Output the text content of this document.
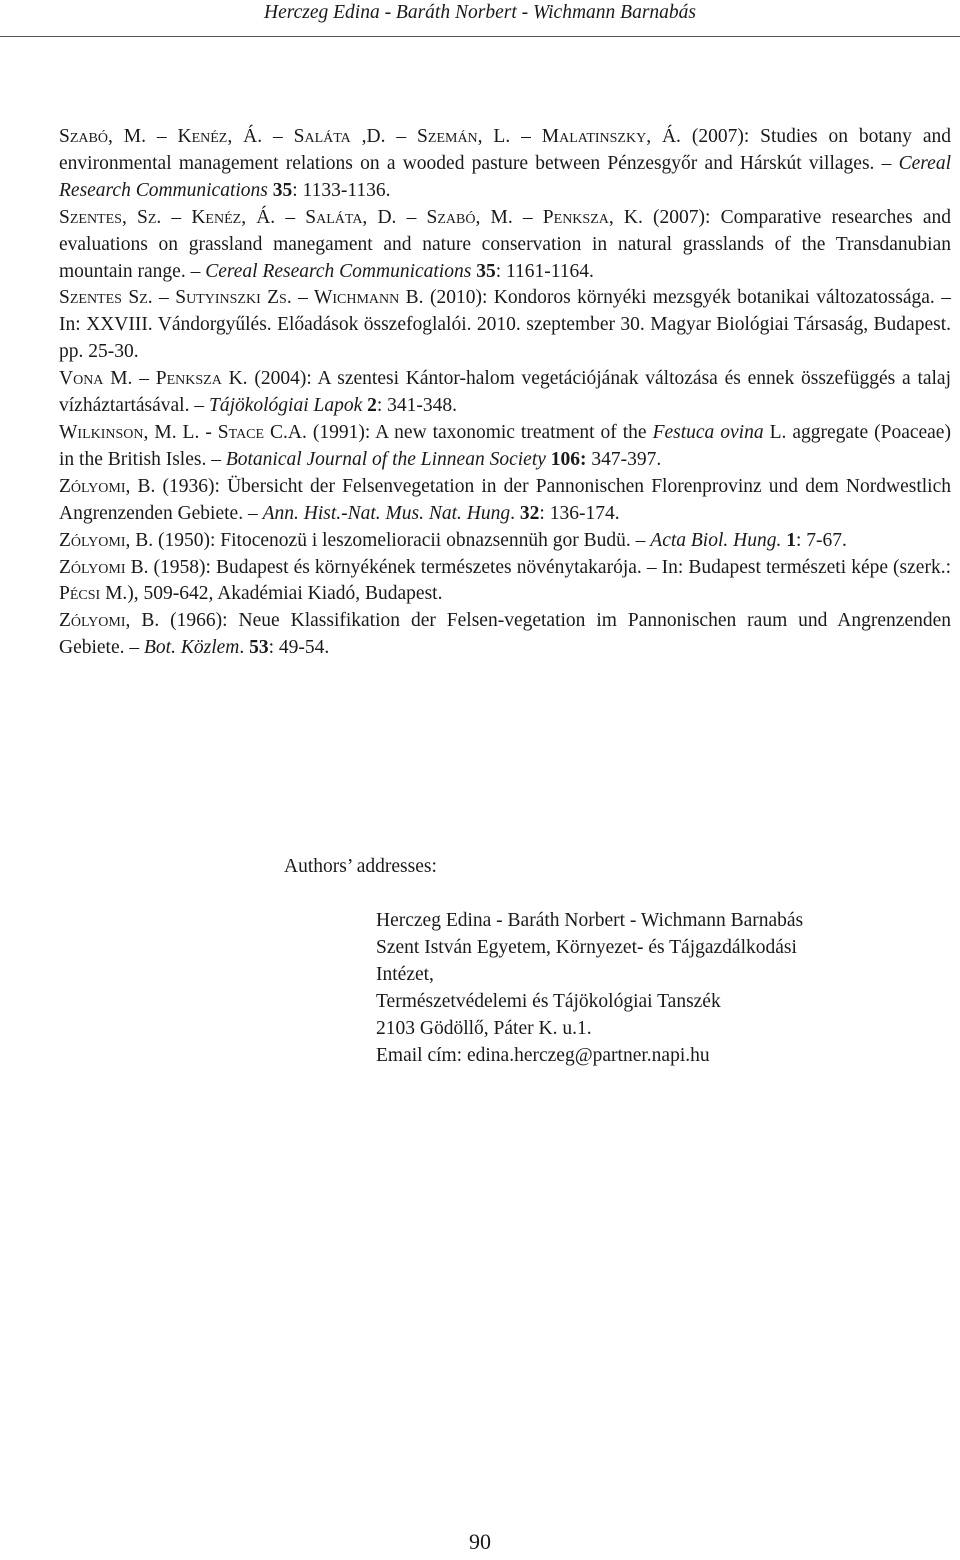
Herczeg Edina - Baráth Norbert - Wichmann Barnabás

Szabó, M. – Kenéz, Á. – Saláta ,D. – Szemán, L. – Malatinszky, Á. (2007): Studies on botany and environmental management relations on a wooded pasture between Pénzesgyőr and Hárskút villages. – Cereal Research Communications 35: 1133-1136.

Szentes, Sz. – Kenéz, Á. – Saláta, D. – Szabó, M. – Penksza, K. (2007): Comparative researches and evaluations on grassland manegament and nature conservation in natural grasslands of the Transdanubian mountain range. – Cereal Research Communications 35: 1161-1164.

Szentes Sz. – Sutyinszki Zs. – Wichmann B. (2010): Kondoros környéki mezsgyék botanikai változatossága. – In: XXVIII. Vándorgyűlés. Előadások összefoglalói. 2010. szeptember 30. Magyar Biológiai Társaság, Budapest. pp. 25-30.

Vona M. – Penksza K. (2004): A szentesi Kántor-halom vegetációjának változása és ennek összefüggés a talaj vízháztartásával. – Tájökológiai Lapok 2: 341-348.

Wilkinson, M. L. - Stace C.A. (1991): A new taxonomic treatment of the Festuca ovina L. aggregate (Poaceae) in the British Isles. – Botanical Journal of the Linnean Society 106: 347-397.

Zólyomi, B. (1936): Übersicht der Felsenvegetation in der Pannonischen Florenprovinz und dem Nordwestlich Angrenzenden Gebiete. – Ann. Hist.-Nat. Mus. Nat. Hung. 32: 136-174.

Zólyomi, B. (1950): Fitocenozü i leszomelioracii obnazsennüh gor Budü. – Acta Biol. Hung. 1: 7-67.

Zólyomi B. (1958): Budapest és környékének természetes növénytakarója. – In: Budapest természeti képe (szerk.: Pécsi M.), 509-642, Akadémiai Kiadó, Budapest.

Zólyomi, B. (1966): Neue Klassifikation der Felsen-vegetation im Pannonischen raum und Angrenzenden Gebiete. – Bot. Közlem. 53: 49-54.

Authors’ addresses:

Herczeg Edina - Baráth Norbert - Wichmann Barnabás

Szent István Egyetem, Környezet- és Tájgazdálkodási

Intézet,

Természetvédelemi és Tájökológiai Tanszék

2103 Gödöllő, Páter K. u.1.

Email cím: edina.herczeg@partner.napi.hu

90
